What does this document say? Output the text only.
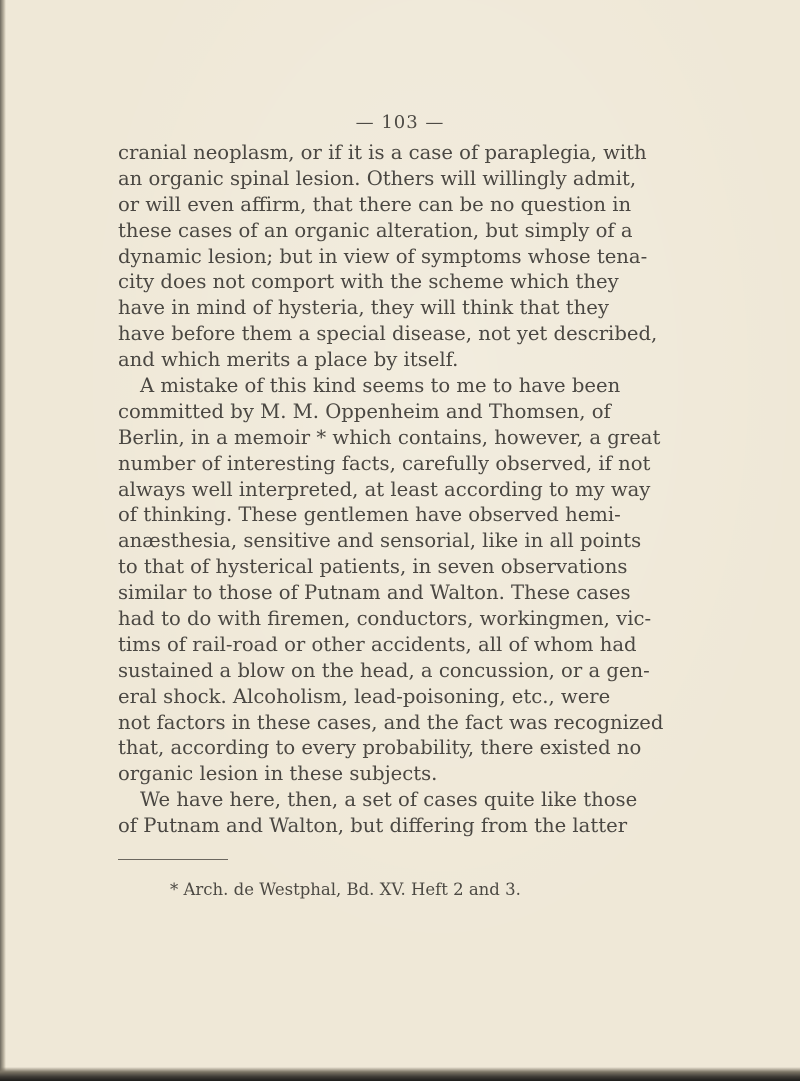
— 103 —
cranial neoplasm, or if it is a case of paraplegia, with
an organic spinal lesion. Others will willingly admit,
or will even affirm, that there can be no question in
these cases of an organic alteration, but simply of a
dynamic lesion; but in view of symptoms whose tena-
city does not comport with the scheme which they
have in mind of hysteria, they will think that they
have before them a special disease, not yet described,
and which merits a place by itself.
A mistake of this kind seems to me to have been
committed by M. M. Oppenheim and Thomsen, of
Berlin, in a memoir * which contains, however, a great
number of interesting facts, carefully observed, if not
always well interpreted, at least according to my way
of thinking. These gentlemen have observed hemi-
anæsthesia, sensitive and sensorial, like in all points
to that of hysterical patients, in seven observations
similar to those of Putnam and Walton. These cases
had to do with firemen, conductors, workingmen, vic-
tims of rail-road or other accidents, all of whom had
sustained a blow on the head, a concussion, or a gen-
eral shock. Alcoholism, lead-poisoning, etc., were
not factors in these cases, and the fact was recognized
that, according to every probability, there existed no
organic lesion in these subjects.
We have here, then, a set of cases quite like those
of Putnam and Walton, but differing from the latter
* Arch. de Westphal, Bd. XV. Heft 2 and 3.
